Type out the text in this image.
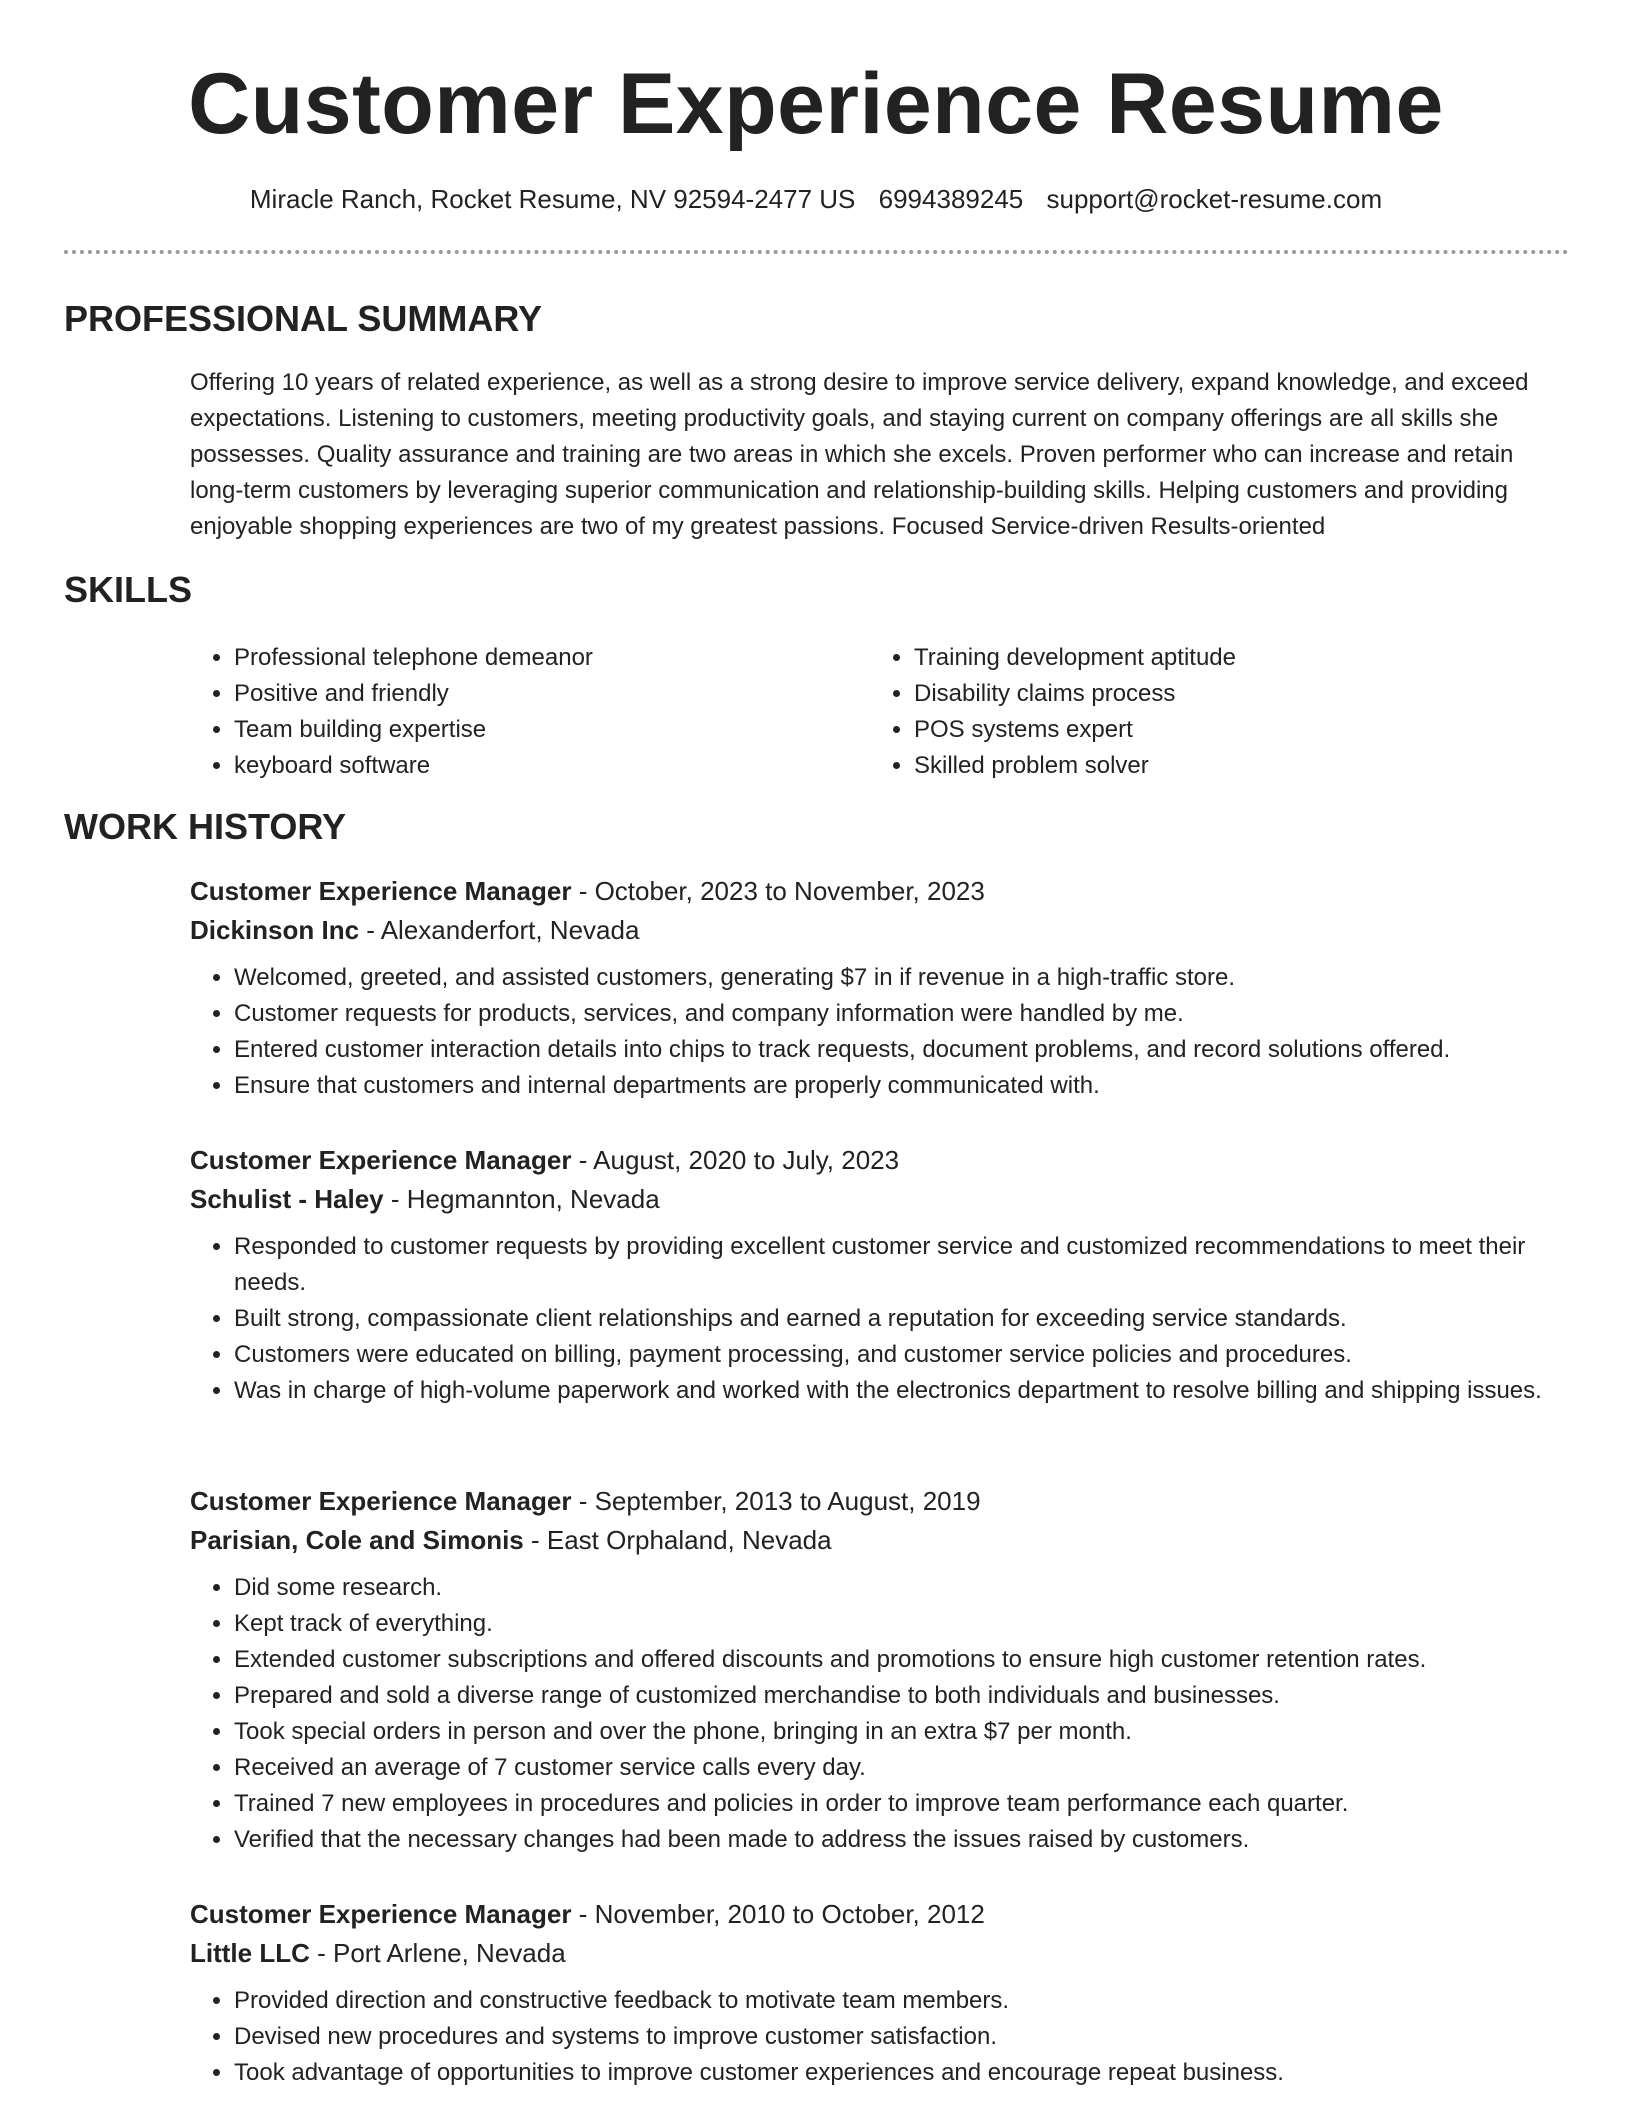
Customer Experience Resume
Miracle Ranch, Rocket Resume, NV 92594-2477 US 6994389245 support@rocket-resume.com
PROFESSIONAL SUMMARY

Offering 10 years of related experience, as well as a strong desire to improve service delivery, expand knowledge, and exceed expectations. Listening to customers, meeting productivity goals, and staying current on company offerings are all skills she possesses. Quality assurance and training are two areas in which she excels. Proven performer who can increase and retain long-term customers by leveraging superior communication and relationship-building skills. Helping customers and providing enjoyable shopping experiences are two of my greatest passions. Focused Service-driven Results-oriented

SKILLS
• Professional telephone demeanor
• Positive and friendly
• Team building expertise
• keyboard software
• Training development aptitude
• Disability claims process
• POS systems expert
• Skilled problem solver
WORK HISTORY

Customer Experience Manager - October, 2023 to November, 2023

Dickinson Inc - Alexanderfort, Nevada

• Welcomed, greeted, and assisted customers, generating $7 in if revenue in a high-traffic store.
• Customer requests for products, services, and company information were handled by me.
• Entered customer interaction details into chips to track requests, document problems, and record solutions offered.
• Ensure that customers and internal departments are properly communicated with.

Customer Experience Manager - August, 2020 to July, 2023

Schulist - Haley - Hegmannton, Nevada

• Responded to customer requests by providing excellent customer service and customized recommendations to meet their needs.
• Built strong, compassionate client relationships and earned a reputation for exceeding service standards.
• Customers were educated on billing, payment processing, and customer service policies and procedures.
• Was in charge of high-volume paperwork and worked with the electronics department to resolve billing and shipping issues.

Customer Experience Manager - September, 2013 to August, 2019

Parisian, Cole and Simonis - East Orphaland, Nevada

• Did some research.
• Kept track of everything.
• Extended customer subscriptions and offered discounts and promotions to ensure high customer retention rates.
• Prepared and sold a diverse range of customized merchandise to both individuals and businesses.
• Took special orders in person and over the phone, bringing in an extra $7 per month.
• Received an average of 7 customer service calls every day.
• Trained 7 new employees in procedures and policies in order to improve team performance each quarter.
• Verified that the necessary changes had been made to address the issues raised by customers.

Customer Experience Manager - November, 2010 to October, 2012

Little LLC - Port Arlene, Nevada

• Provided direction and constructive feedback to motivate team members.
• Devised new procedures and systems to improve customer satisfaction.
• Took advantage of opportunities to improve customer experiences and encourage repeat business.
